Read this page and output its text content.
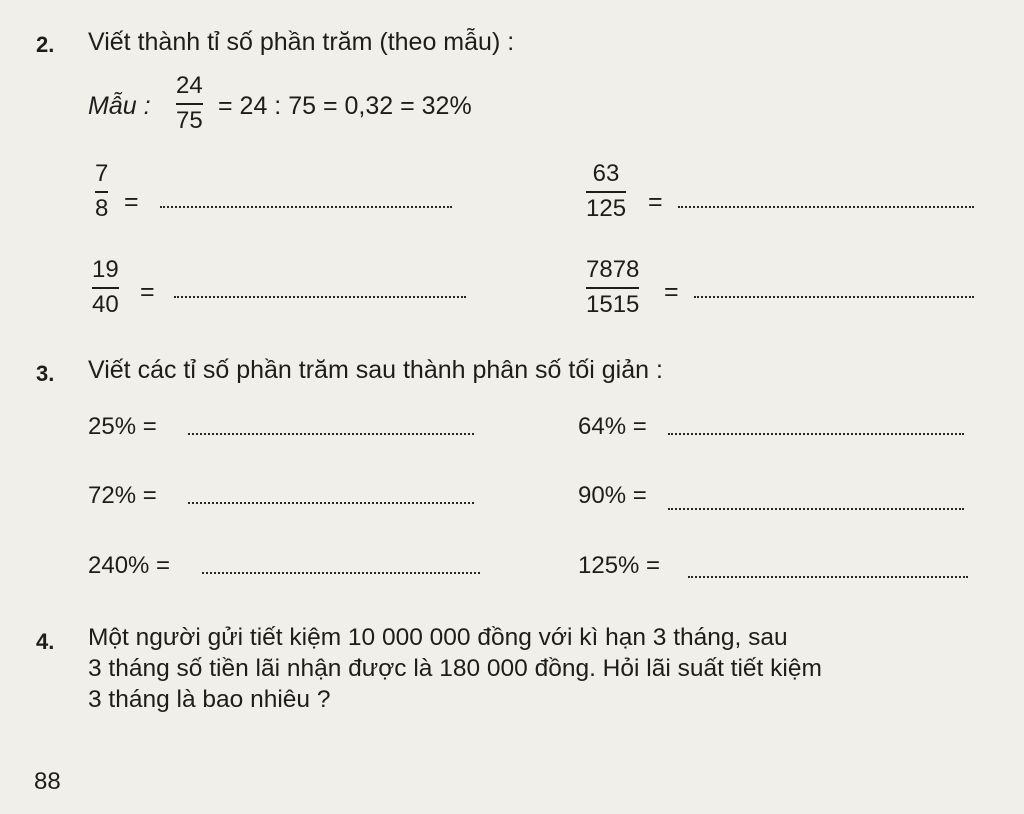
2. Viết thành tỉ số phần trăm (theo mẫu) :
Mẫu :
24
75
= 24 : 75 = 0,32 = 32%
7
8 =
63
125 =
19
40 =
7878
1515 =
3. Viết các tỉ số phần trăm sau thành phân số tối giản :
25% =	64% =
72% =	90% =
240% =	125% =
4. Một người gửi tiết kiệm 10 000 000 đồng với kì hạn 3 tháng, sau
3 tháng số tiền lãi nhận được là 180 000 đồng. Hỏi lãi suất tiết kiệm
3 tháng là bao nhiêu ?
88
